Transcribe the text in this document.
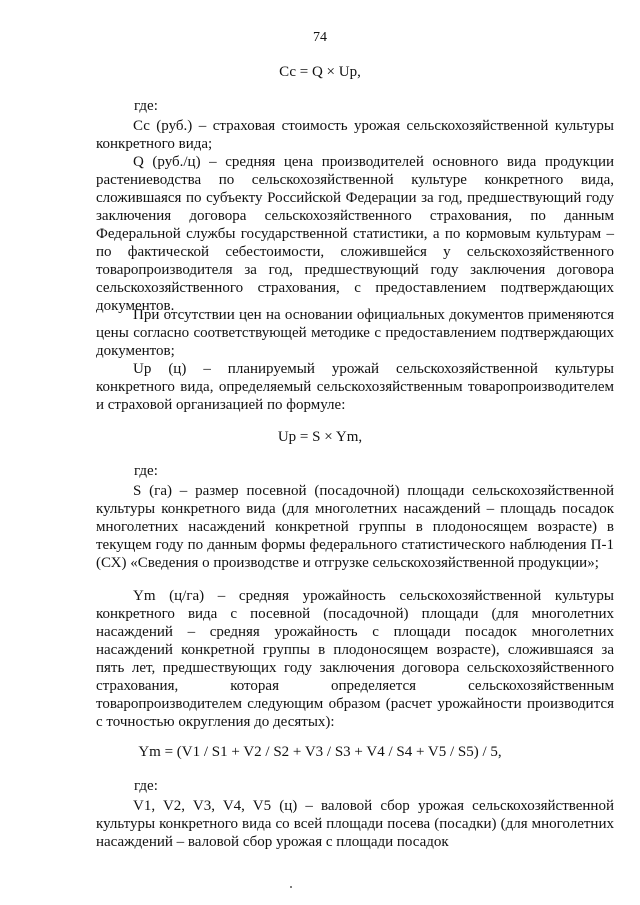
74
Сс = Q × Uр,
где:
Сс (руб.) – страховая стоимость урожая сельскохозяйственной культуры конкретного вида;
Q (руб./ц) – средняя цена производителей основного вида продукции растениеводства по сельскохозяйственной культуре конкретного вида, сложившаяся по субъекту Российской Федерации за год, предшествующий году заключения договора сельскохозяйственного страхования, по данным Федеральной службы государственной статистики, а по кормовым культурам – по фактической себестоимости, сложившейся у сельскохозяйственного товаропроизводителя за год, предшествующий году заключения договора сельскохозяйственного страхования, с предоставлением подтверждающих документов.
При отсутствии цен на основании официальных документов применяются цены согласно соответствующей методике с предоставлением подтверждающих документов;
Uр (ц) – планируемый урожай сельскохозяйственной культуры конкретного вида, определяемый сельскохозяйственным товаропроизводителем и страховой организацией по формуле:
Uр = S × Ym,
где:
S (га) – размер посевной (посадочной) площади сельскохозяйственной культуры конкретного вида (для многолетних насаждений – площадь посадок многолетних насаждений конкретной группы в плодоносящем возрасте) в текущем году по данным формы федерального статистического наблюдения П-1 (СХ) «Сведения о производстве и отгрузке сельскохозяйственной продукции»;
Ym (ц/га) – средняя урожайность сельскохозяйственной культуры конкретного вида с посевной (посадочной) площади (для многолетних насаждений – средняя урожайность с площади посадок многолетних насаждений конкретной группы в плодоносящем возрасте), сложившаяся за пять лет, предшествующих году заключения договора сельскохозяйственного страхования, которая определяется сельскохозяйственным товаропроизводителем следующим образом (расчет урожайности производится с точностью округления до десятых):
Ym = (V1 / S1 + V2 / S2 + V3 / S3 + V4 / S4 + V5 / S5) / 5,
где:
V1, V2, V3, V4, V5 (ц) – валовой сбор урожая сельскохозяйственной культуры конкретного вида со всей площади посева (посадки) (для многолетних насаждений – валовой сбор урожая с площади посадок
